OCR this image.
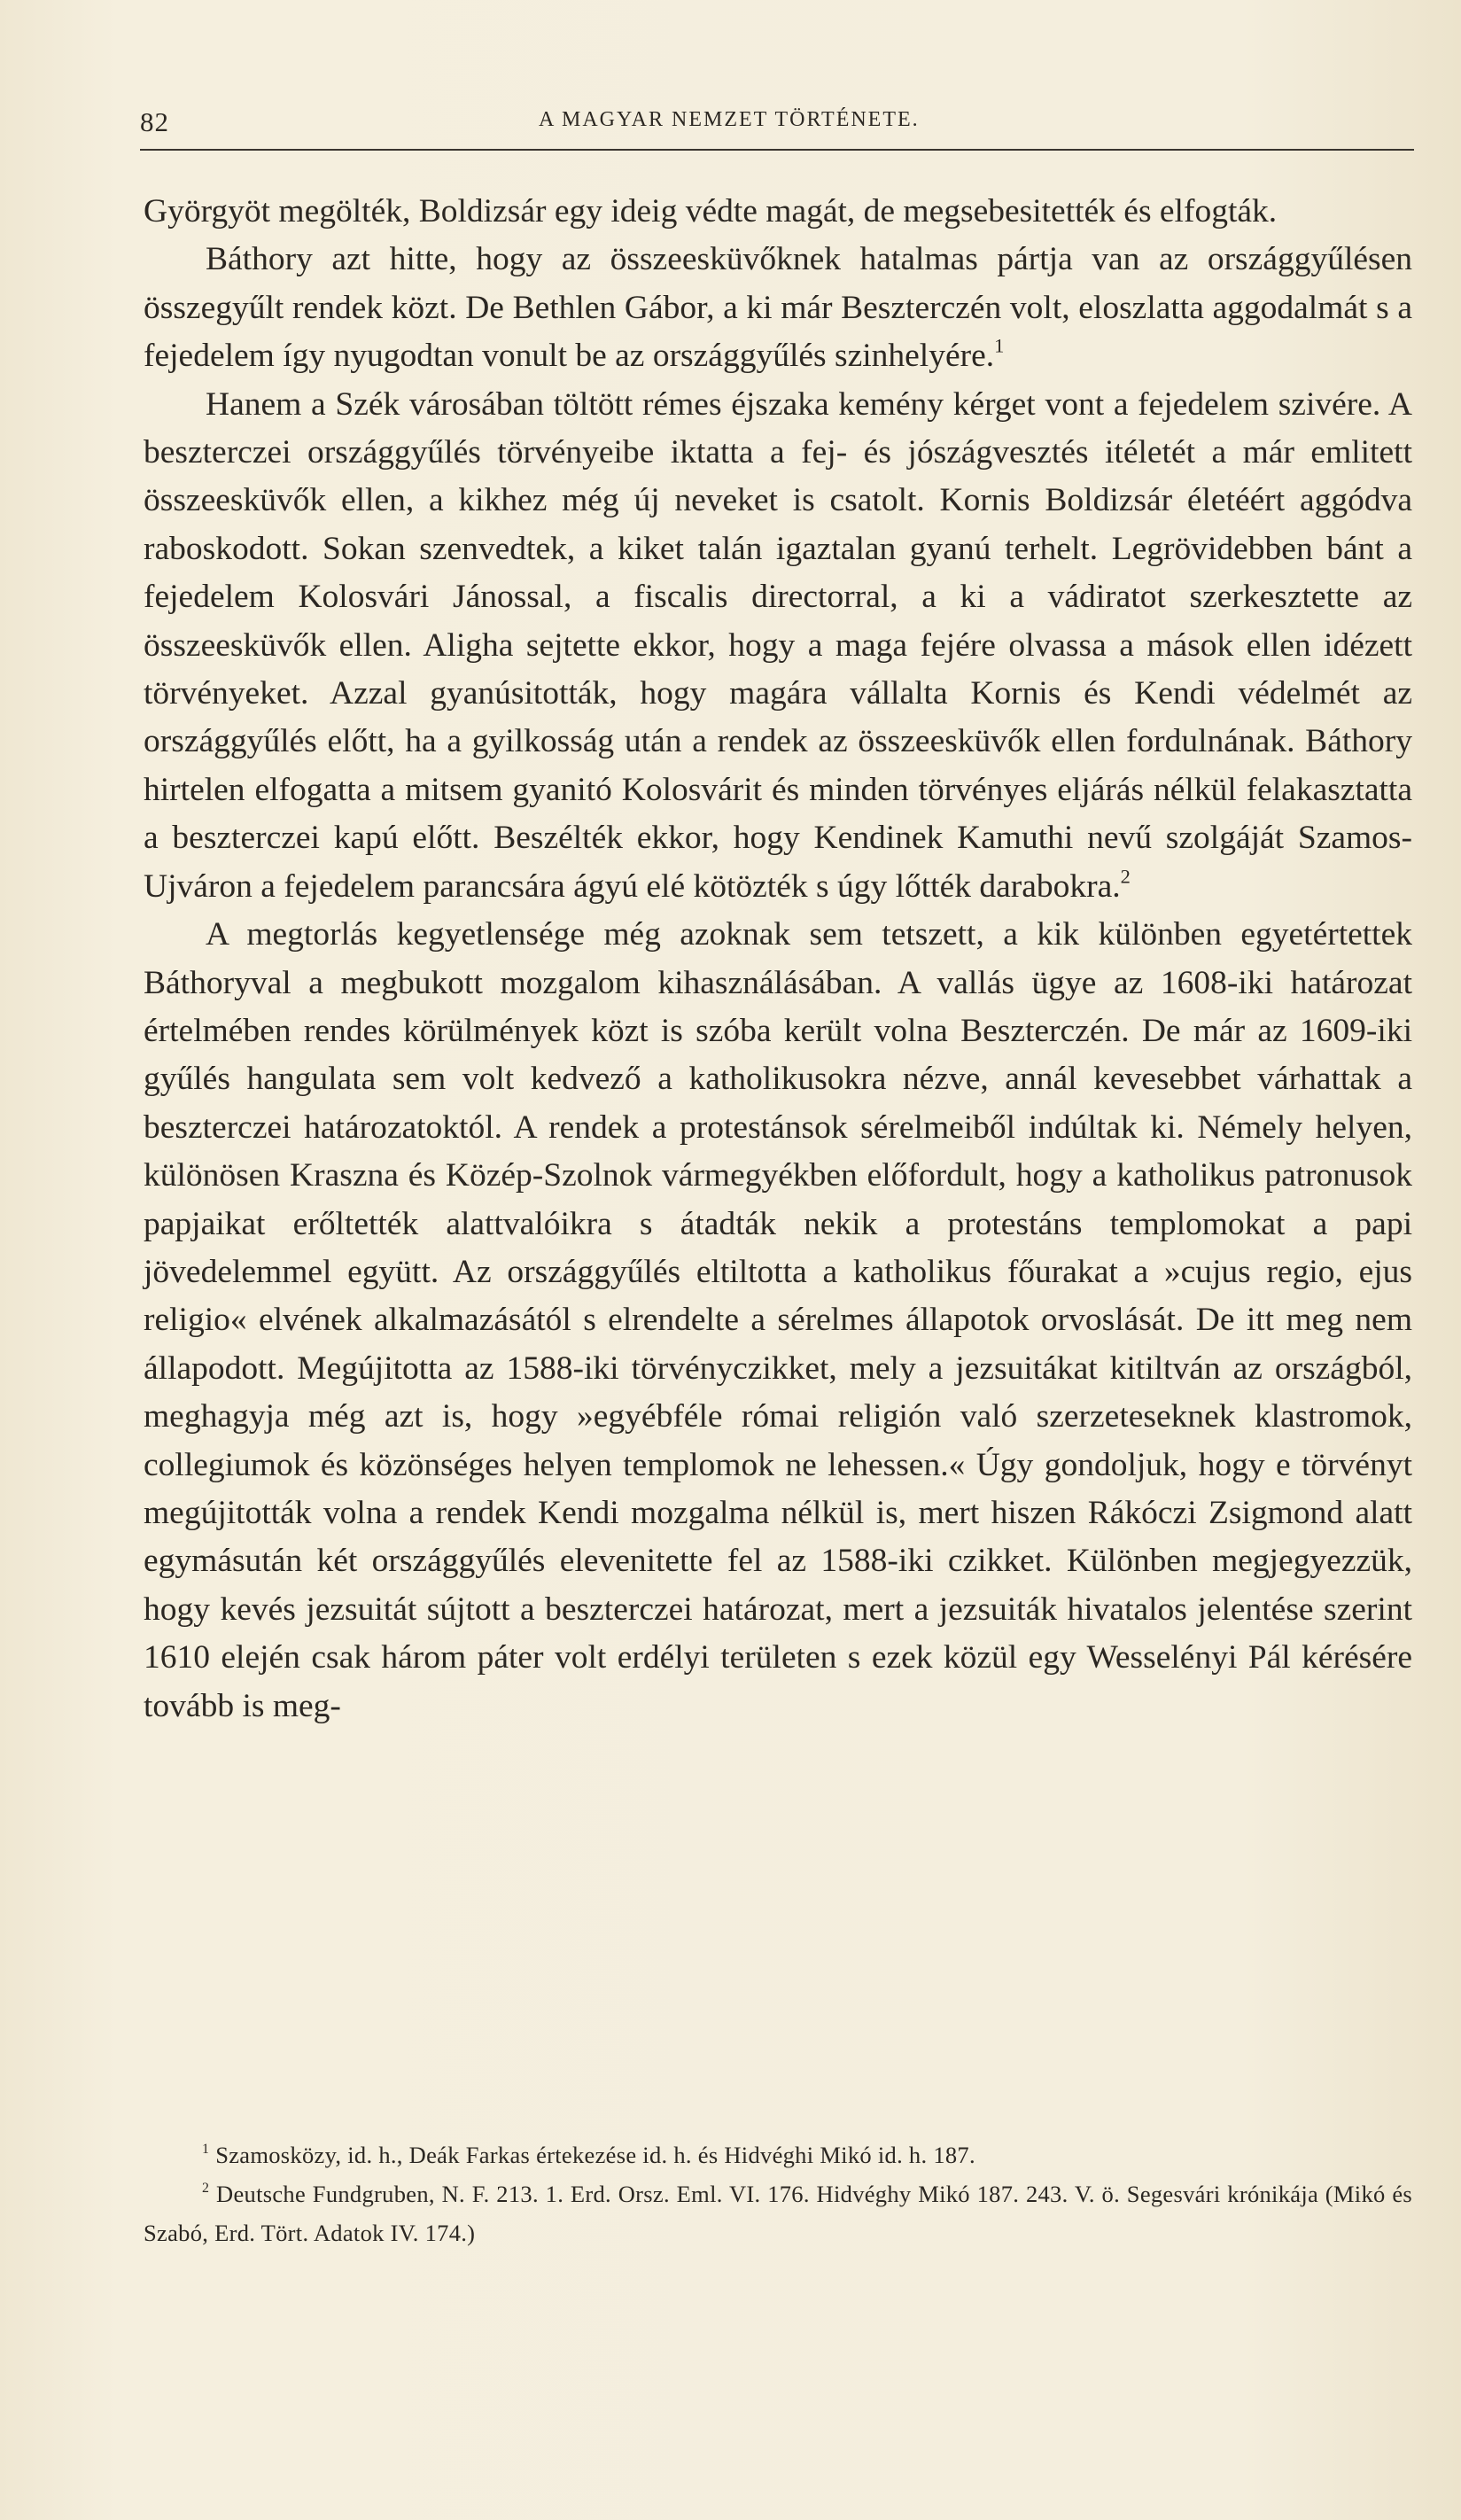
82	A MAGYAR NEMZET TÖRTÉNETE.

Györgyöt megölték, Boldizsár egy ideig védte magát, de megsebesitették és elfogták.

Báthory azt hitte, hogy az összeesküvőknek hatalmas pártja van az országgyűlésen összegyűlt rendek közt. De Bethlen Gábor, a ki már Beszterczén volt, eloszlatta aggodalmát s a fejedelem így nyugodtan vonult be az országgyűlés szinhelyére.$^1$

Hanem a Szék városában töltött rémes éjszaka kemény kérget vont a fejedelem szivére. A beszterczei országgyűlés törvényeibe iktatta a fej- és jószágvesztés itéletét a már emlitett összeesküvők ellen, a kikhez még új neveket is csatolt. Kornis Boldizsár életéért aggódva raboskodott. Sokan szenvedtek, a kiket talán igaztalan gyanú terhelt. Legrövidebben bánt a fejedelem Kolosvári Jánossal, a fiscalis directorral, a ki a vádiratot szerkesztette az összeesküvők ellen. Aligha sejtette ekkor, hogy a maga fejére olvassa a mások ellen idézett törvényeket. Azzal gyanúsitották, hogy magára vállalta Kornis és Kendi védelmét az országgyűlés előtt, ha a gyilkosság után a rendek az összeesküvők ellen fordulnának. Báthory hirtelen elfogatta a mitsem gyanitó Kolosvárit és minden törvényes eljárás nélkül felakasztatta a beszterczei kapú előtt. Beszélték ekkor, hogy Kendinek Kamuthi nevű szolgáját Szamos-Ujváron a fejedelem parancsára ágyú elé kötözték s úgy lőtték darabokra.$^2$

A megtorlás kegyetlensége még azoknak sem tetszett, a kik különben egyetértettek Báthoryval a megbukott mozgalom kihasználásában. A vallás ügye az 1608-iki határozat értelmében rendes körülmények közt is szóba került volna Beszterczén. De már az 1609-iki gyűlés hangulata sem volt kedvező a katholikusokra nézve, annál kevesebbet várhattak a beszterczei határozatoktól. A rendek a protestánsok sérelmeiből indúltak ki. Némely helyen, különösen Kraszna és Közép-Szolnok vármegyékben előfordult, hogy a katholikus patronusok papjaikat erőltették alattvalóikra s átadták nekik a protestáns templomokat a papi jövedelemmel együtt. Az országgyűlés eltiltotta a katholikus főurakat a »cujus regio, ejus religio« elvének alkalmazásától s elrendelte a sérelmes állapotok orvoslását. De itt meg nem állapodott. Megújitotta az 1588-iki törvényczikket, mely a jezsuitákat kitiltván az országból, meghagyja még azt is, hogy »egyébféle római religión való szerzeteseknek klastromok, collegiumok és közönséges helyen templomok ne lehessen.« Úgy gondoljuk, hogy e törvényt megújitották volna a rendek Kendi mozgalma nélkül is, mert hiszen Rákóczi Zsigmond alatt egymásután két országgyűlés elevenitette fel az 1588-iki czikket. Különben megjegyezzük, hogy kevés jezsuitát sújtott a beszterczei határozat, mert a jezsuiták hivatalos jelentése szerint 1610 elején csak három páter volt erdélyi területen s ezek közül egy Wesselényi Pál kérésére tovább is meg-

$^1$ Szamosközy, id. h., Deák Farkas értekezése id. h. és Hidvéghi Mikó id. h. 187.

$^2$ Deutsche Fundgruben, N. F. 213. 1. Erd. Orsz. Eml. VI. 176. Hidvéghy Mikó 187. 243. V. ö. Segesvári krónikája (Mikó és Szabó, Erd. Tört. Adatok IV. 174.)
